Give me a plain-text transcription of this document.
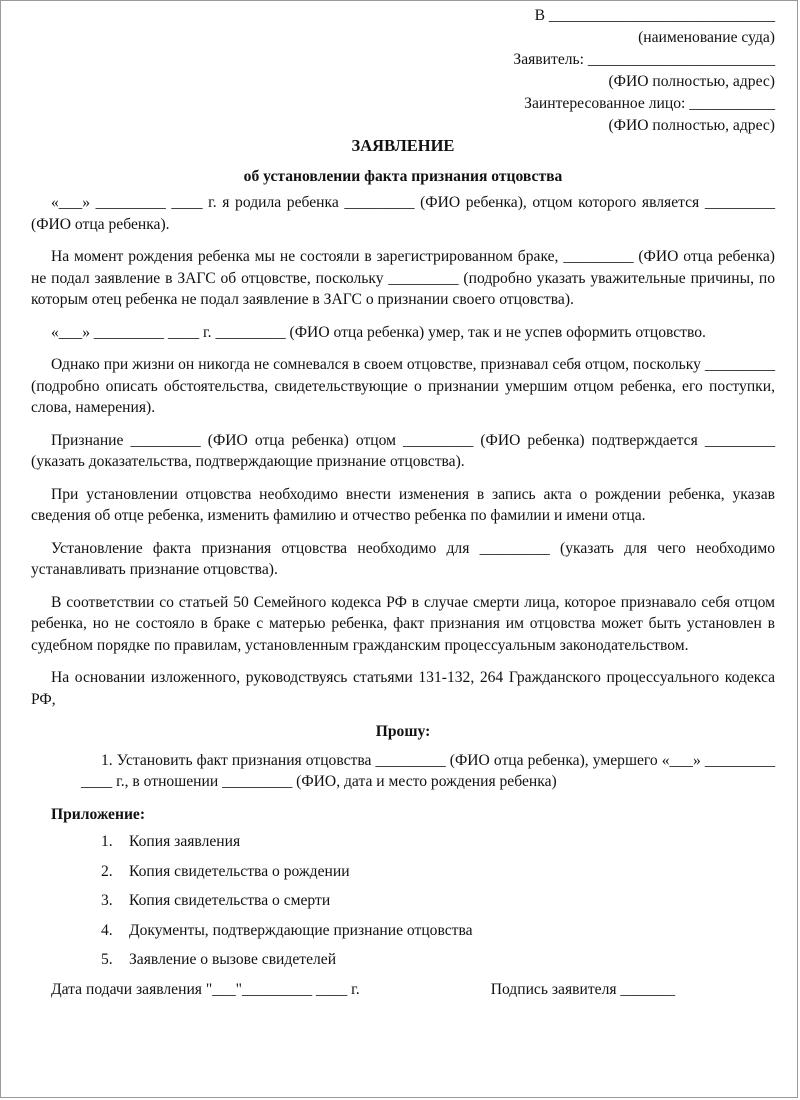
В _____________________________
(наименование суда)
Заявитель: ________________________
(ФИО полностью, адрес)
Заинтересованное лицо: ___________
(ФИО полностью, адрес)
ЗАЯВЛЕНИЕ
об установлении факта признания отцовства

«___» _________ ____ г. я родила ребенка _________ (ФИО ребенка), отцом которого является _________ (ФИО отца ребенка).

На момент рождения ребенка мы не состояли в зарегистрированном браке, _________ (ФИО отца ребенка) не подал заявление в ЗАГС об отцовстве, поскольку _________ (подробно указать уважительные причины, по которым отец ребенка не подал заявление в ЗАГС о признании своего отцовства).

«___» _________ ____ г. _________ (ФИО отца ребенка) умер, так и не успев оформить отцовство.

Однако при жизни он никогда не сомневался в своем отцовстве, признавал себя отцом, поскольку _________ (подробно описать обстоятельства, свидетельствующие о признании умершим отцом ребенка, его поступки, слова, намерения).

Признание _________ (ФИО отца ребенка) отцом _________ (ФИО ребенка) подтверждается _________ (указать доказательства, подтверждающие признание отцовства).

При установлении отцовства необходимо внести изменения в запись акта о рождении ребенка, указав сведения об отце ребенка, изменить фамилию и отчество ребенка по фамилии и имени отца.

Установление факта признания отцовства необходимо для _________ (указать для чего необходимо устанавливать признание отцовства).

В соответствии со статьей 50 Семейного кодекса РФ в случае смерти лица, которое признавало себя отцом ребенка, но не состояло в браке с матерью ребенка, факт признания им отцовства может быть установлен в судебном порядке по правилам, установленным гражданским процессуальным законодательством.

На основании изложенного, руководствуясь статьями 131-132, 264 Гражданского процессуального кодекса РФ,

Прошу:

1. Установить факт признания отцовства _________ (ФИО отца ребенка), умершего «___» _________ ____ г., в отношении _________ (ФИО, дата и место рождения ребенка)

Приложение:
1.	Копия заявления
2.	Копия свидетельства о рождении
3.	Копия свидетельства о смерти
4.	Документы, подтверждающие признание отцовства
5.	Заявление о вызове свидетелей
Дата подачи заявления "___"_________ ____ г.	Подпись заявителя _______
